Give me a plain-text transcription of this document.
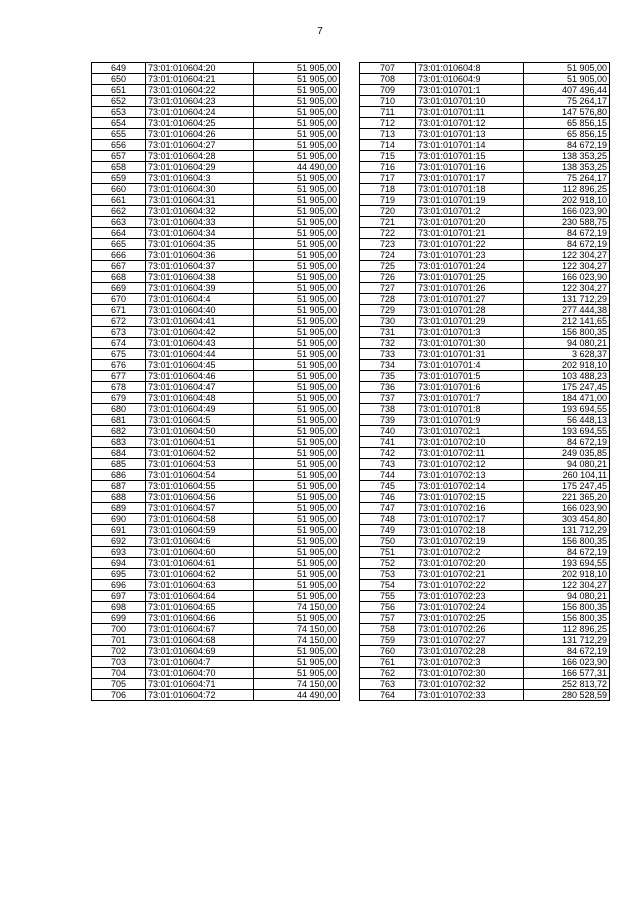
7
649	73:01:010604:20	51 905,00
650	73:01:010604:21	51 905,00
651	73:01:010604:22	51 905,00
652	73:01:010604:23	51 905,00
653	73:01:010604:24	51 905,00
654	73:01:010604:25	51 905,00
655	73:01:010604:26	51 905,00
656	73:01:010604:27	51 905,00
657	73:01:010604:28	51 905,00
658	73:01:010604:29	44 490,00
659	73:01:010604:3	51 905,00
660	73:01:010604:30	51 905,00
661	73:01:010604:31	51 905,00
662	73:01:010604:32	51 905,00
663	73:01:010604:33	51 905,00
664	73:01:010604:34	51 905,00
665	73:01:010604:35	51 905,00
666	73:01:010604:36	51 905,00
667	73:01:010604:37	51 905,00
668	73:01:010604:38	51 905,00
669	73:01:010604:39	51 905,00
670	73:01:010604:4	51 905,00
671	73:01:010604:40	51 905,00
672	73:01:010604:41	51 905,00
673	73:01:010604:42	51 905,00
674	73:01:010604:43	51 905,00
675	73:01:010604:44	51 905,00
676	73:01:010604:45	51 905,00
677	73:01:010604:46	51 905,00
678	73:01:010604:47	51 905,00
679	73:01:010604:48	51 905,00
680	73:01:010604:49	51 905,00
681	73:01:010604:5	51 905,00
682	73:01:010604:50	51 905,00
683	73:01:010604:51	51 905,00
684	73:01:010604:52	51 905,00
685	73:01:010604:53	51 905,00
686	73:01:010604:54	51 905,00
687	73:01:010604:55	51 905,00
688	73:01:010604:56	51 905,00
689	73:01:010604:57	51 905,00
690	73:01:010604:58	51 905,00
691	73:01:010604:59	51 905,00
692	73:01:010604:6	51 905,00
693	73:01:010604:60	51 905,00
694	73:01:010604:61	51 905,00
695	73:01:010604:62	51 905,00
696	73:01:010604:63	51 905,00
697	73:01:010604:64	51 905,00
698	73:01:010604:65	74 150,00
699	73:01:010604:66	51 905,00
700	73:01:010604:67	74 150,00
701	73:01:010604:68	74 150,00
702	73:01:010604:69	51 905,00
703	73:01:010604:7	51 905,00
704	73:01:010604:70	51 905,00
705	73:01:010604:71	74 150,00
706	73:01:010604:72	44 490,00
707	73:01:010604:8	51 905,00
708	73:01:010604:9	51 905,00
709	73:01:010701:1	407 496,44
710	73:01:010701:10	75 264,17
711	73:01:010701:11	147 576,80
712	73:01:010701:12	65 856,15
713	73:01:010701:13	65 856,15
714	73:01:010701:14	84 672,19
715	73:01:010701:15	138 353,25
716	73:01:010701:16	138 353,25
717	73:01:010701:17	75 264,17
718	73:01:010701:18	112 896,25
719	73:01:010701:19	202 918,10
720	73:01:010701:2	166 023,90
721	73:01:010701:20	230 588,75
722	73:01:010701:21	84 672,19
723	73:01:010701:22	84 672,19
724	73:01:010701:23	122 304,27
725	73:01:010701:24	122 304,27
726	73:01:010701:25	166 023,90
727	73:01:010701:26	122 304,27
728	73:01:010701:27	131 712,29
729	73:01:010701:28	277 444,38
730	73:01:010701:29	212 141,65
731	73:01:010701:3	156 800,35
732	73:01:010701:30	94 080,21
733	73:01:010701:31	3 628,37
734	73:01:010701:4	202 918,10
735	73:01:010701:5	103 488,23
736	73:01:010701:6	175 247,45
737	73:01:010701:7	184 471,00
738	73:01:010701:8	193 694,55
739	73:01:010701:9	56 448,13
740	73:01:010702:1	193 694,55
741	73:01:010702:10	84 672,19
742	73:01:010702:11	249 035,85
743	73:01:010702:12	94 080,21
744	73:01:010702:13	260 104,11
745	73:01:010702:14	175 247,45
746	73:01:010702:15	221 365,20
747	73:01:010702:16	166 023,90
748	73:01:010702:17	303 454,80
749	73:01:010702:18	131 712,29
750	73:01:010702:19	156 800,35
751	73:01:010702:2	84 672,19
752	73:01:010702:20	193 694,55
753	73:01:010702:21	202 918,10
754	73:01:010702:22	122 304,27
755	73:01:010702:23	94 080,21
756	73:01:010702:24	156 800,35
757	73:01:010702:25	156 800,35
758	73:01:010702:26	112 896,25
759	73:01:010702:27	131 712,29
760	73:01:010702:28	84 672,19
761	73:01:010702:3	166 023,90
762	73:01:010702:30	166 577,31
763	73:01:010702:32	252 813,72
764	73:01:010702:33	280 528,59
